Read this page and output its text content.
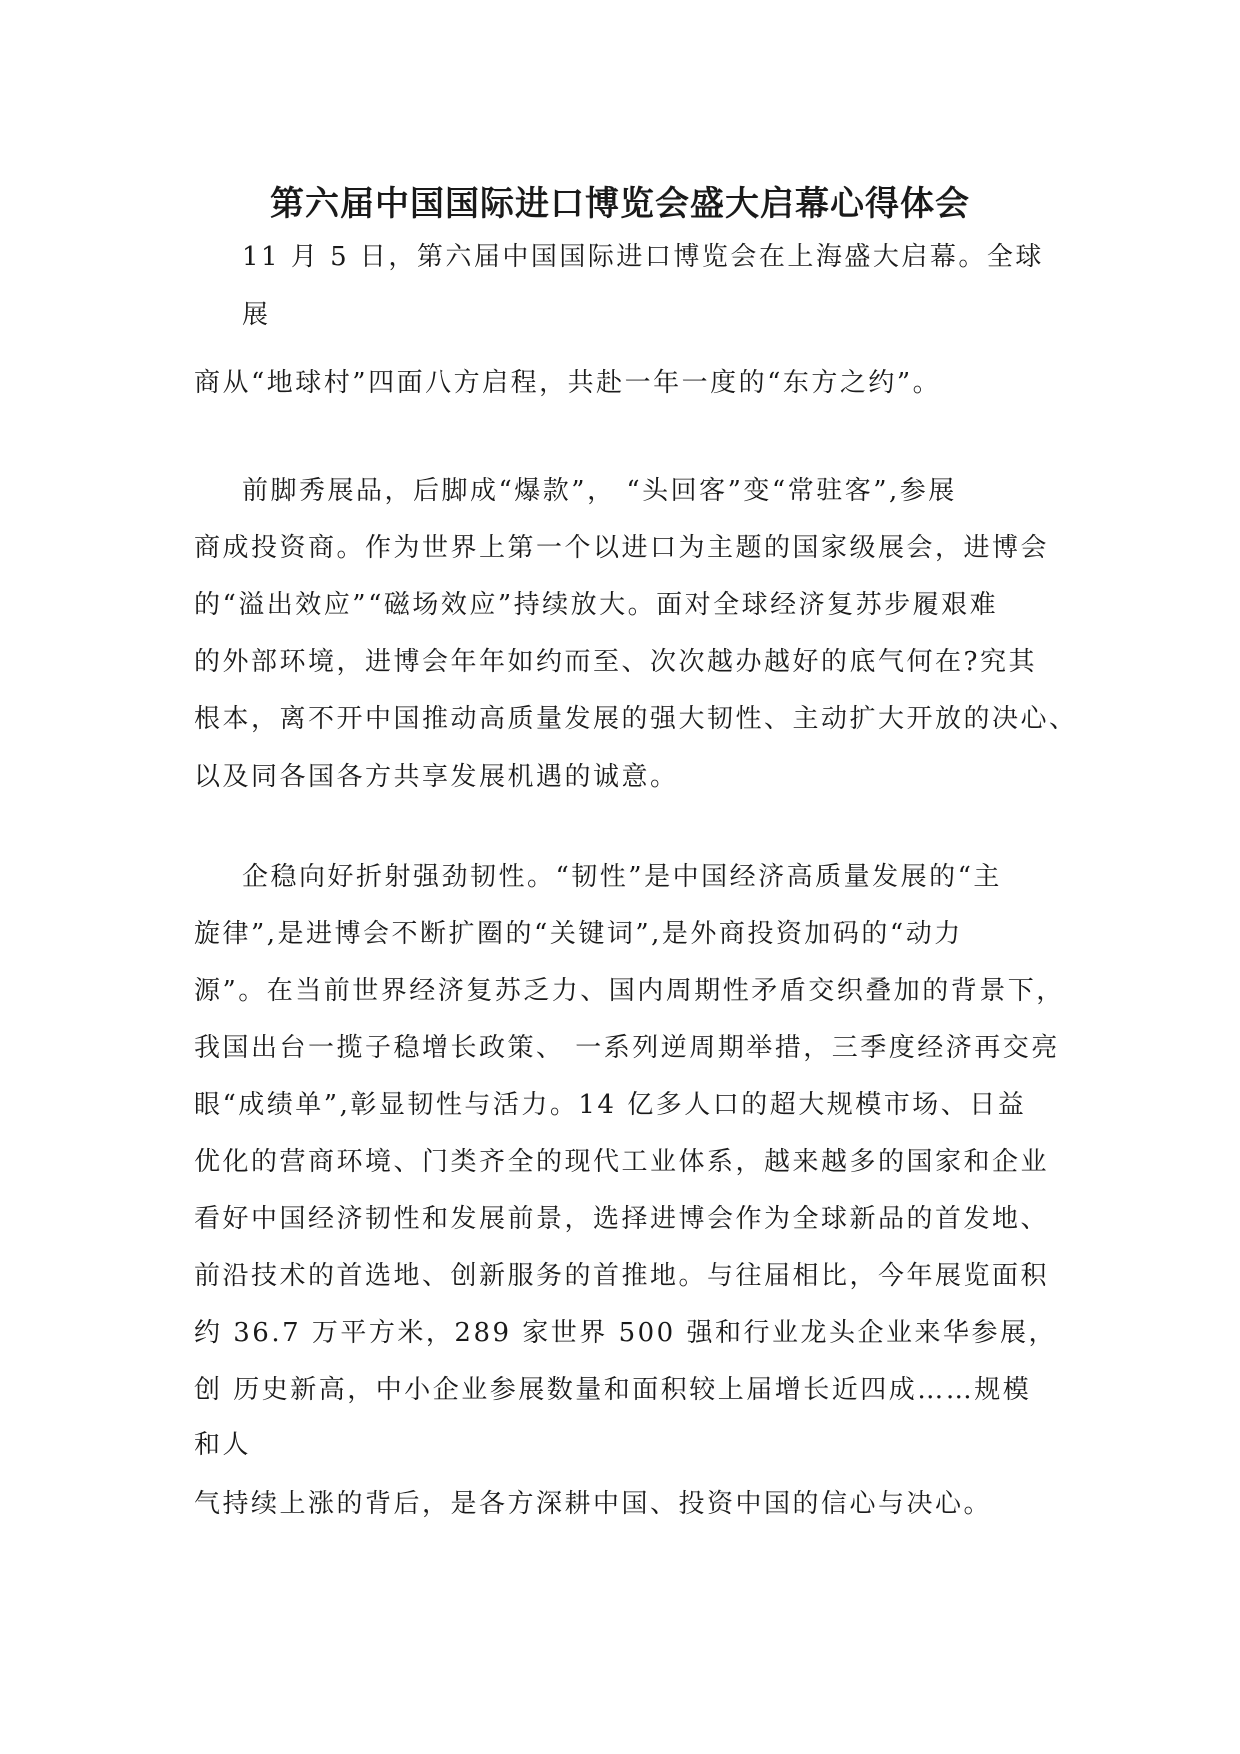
第六届中国国际进口博览会盛大启幕心得体会

11 月 5 日，第六届中国国际进口博览会在上海盛大启幕。全球

展

商从“地球村”四面八方启程，共赴一年一度的“东方之约”。

前脚秀展品，后脚成“爆款”， “头回客”变“常驻客”,参展

商成投资商。作为世界上第一个以进口为主题的国家级展会，进博会

的“溢出效应”“磁场效应”持续放大。面对全球经济复苏步履艰难

的外部环境，进博会年年如约而至、次次越办越好的底气何在?究其

根本，离不开中国推动高质量发展的强大韧性、主动扩大开放的决心、

以及同各国各方共享发展机遇的诚意。

企稳向好折射强劲韧性。“韧性”是中国经济高质量发展的“主

旋律”,是进博会不断扩圈的“关键词”,是外商投资加码的“动力

源”。在当前世界经济复苏乏力、国内周期性矛盾交织叠加的背景下，

我国出台一揽子稳增长政策、 一系列逆周期举措，三季度经济再交亮

眼“成绩单”,彰显韧性与活力。14 亿多人口的超大规模市场、日益

优化的营商环境、门类齐全的现代工业体系，越来越多的国家和企业

看好中国经济韧性和发展前景，选择进博会作为全球新品的首发地、

前沿技术的首选地、创新服务的首推地。与往届相比，今年展览面积

约 36.7 万平方米，289 家世界 500 强和行业龙头企业来华参展，

创 历史新高，中小企业参展数量和面积较上届增长近四成……规模

和人

气持续上涨的背后，是各方深耕中国、投资中国的信心与决心。
